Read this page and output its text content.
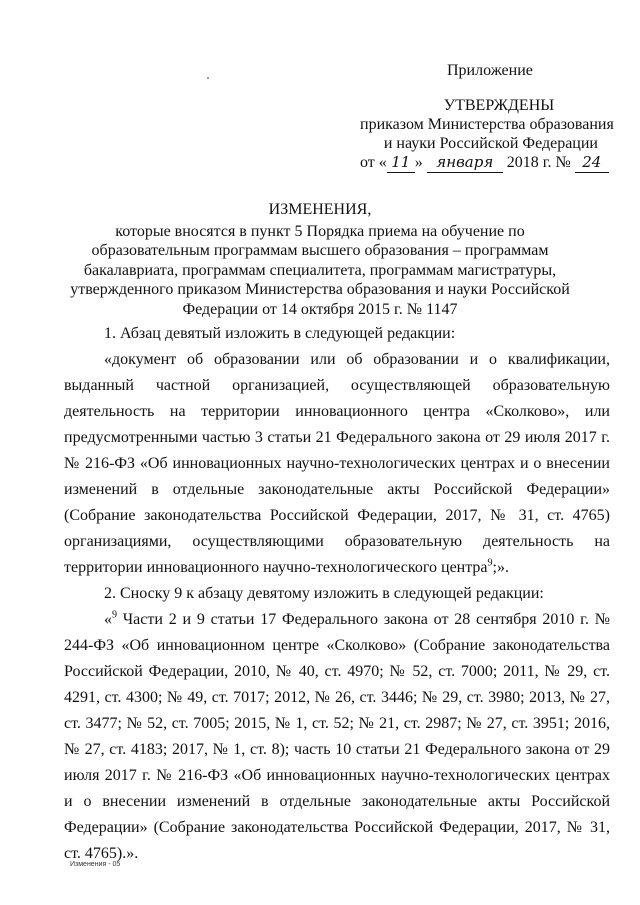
Приложение
УТВЕРЖДЕНЫ
приказом Министерства образования
и науки Российской Федерации
от « 11 » января 2018 г. № 24
ИЗМЕНЕНИЯ,
которые вносятся в пункт 5 Порядка приема на обучение по образовательным программам высшего образования – программам бакалавриата, программам специалитета, программам магистратуры, утвержденного приказом Министерства образования и науки Российской Федерации от 14 октября 2015 г. № 1147

1. Абзац девятый изложить в следующей редакции:

«документ об образовании или об образовании и о квалификации, выданный частной организацией, осуществляющей образовательную деятельность на территории инновационного центра «Сколково», или предусмотренными частью 3 статьи 21 Федерального закона от 29 июля 2017 г. № 216-ФЗ «Об инновационных научно-технологических центрах и о внесении изменений в отдельные законодательные акты Российской Федерации» (Собрание законодательства Российской Федерации, 2017, № 31, ст. 4765) организациями, осуществляющими образовательную деятельность на территории инновационного научно-технологического центра$^9$;».

2. Сноску 9 к абзацу девятому изложить в следующей редакции:

«$^9$ Части 2 и 9 статьи 17 Федерального закона от 28 сентября 2010 г. № 244-ФЗ «Об инновационном центре «Сколково» (Собрание законодательства Российской Федерации, 2010, № 40, ст. 4970; № 52, ст. 7000; 2011, № 29, ст. 4291, ст. 4300; № 49, ст. 7017; 2012, № 26, ст. 3446; № 29, ст. 3980; 2013, № 27, ст. 3477; № 52, ст. 7005; 2015, № 1, ст. 52; № 21, ст. 2987; № 27, ст. 3951; 2016, № 27, ст. 4183; 2017, № 1, ст. 8); часть 10 статьи 21 Федерального закона от 29 июля 2017 г. № 216-ФЗ «Об инновационных научно-технологических центрах и о внесении изменений в отдельные законодательные акты Российской Федерации» (Собрание законодательства Российской Федерации, 2017, № 31, ст. 4765).».

Изменения - 05
